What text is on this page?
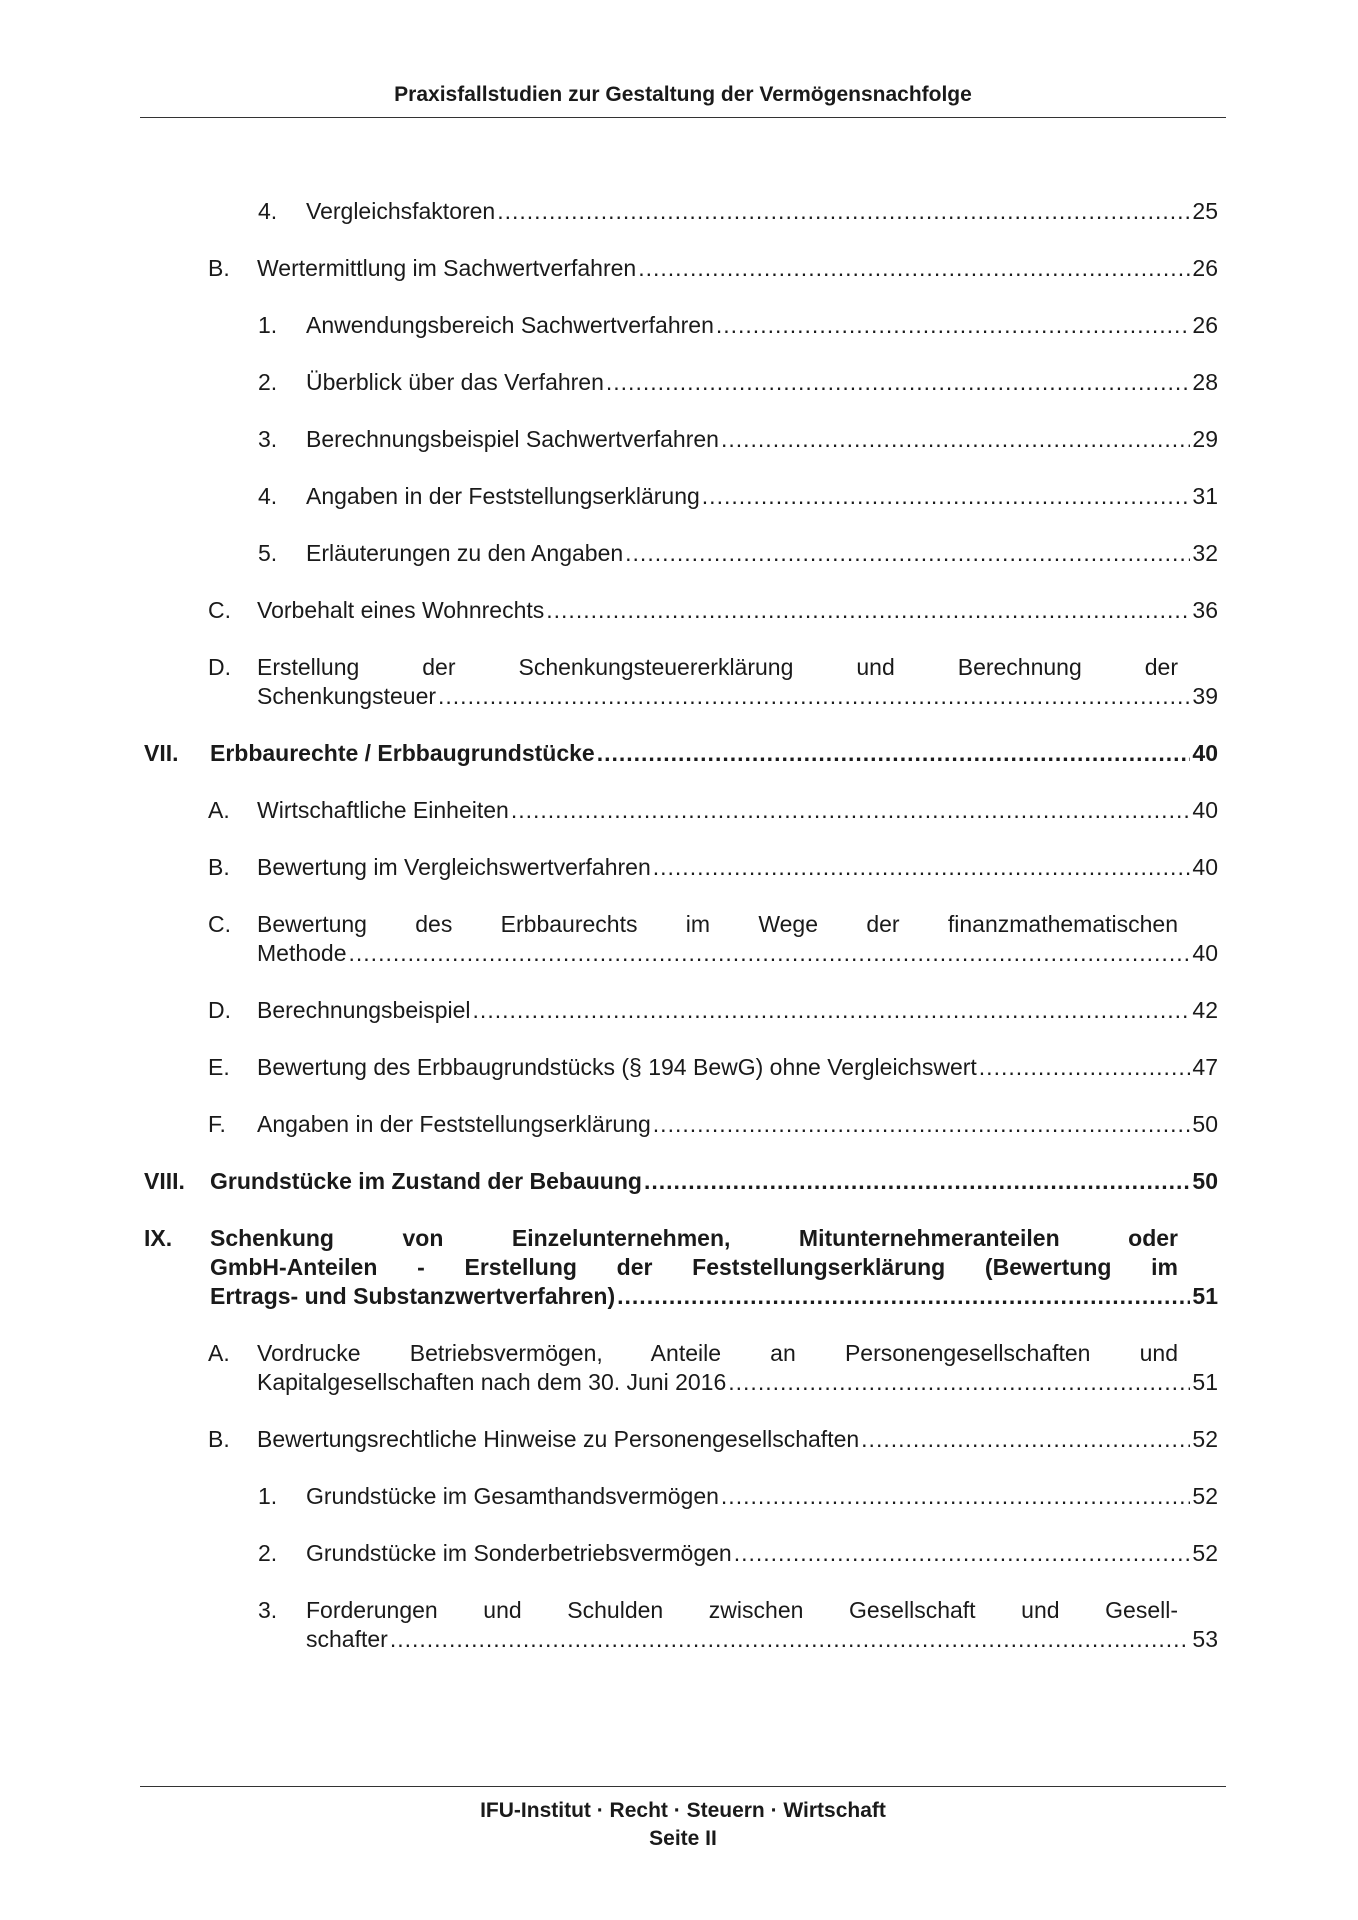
Praxisfallstudien zur Gestaltung der Vermögensnachfolge
4. Vergleichsfaktoren .....	25
B. Wertermittlung im Sachwertverfahren .....	26
1. Anwendungsbereich Sachwertverfahren .....	26
2. Überblick über das Verfahren .....	28
3. Berechnungsbeispiel Sachwertverfahren .....	29
4. Angaben in der Feststellungserklärung .....	31
5. Erläuterungen zu den Angaben .....	32
C. Vorbehalt eines Wohnrechts .....	36
D. Erstellung der Schenkungsteuererklärung und Berechnung der
Schenkungsteuer .....	39
VII. Erbbaurechte / Erbbaugrundstücke .....	40
A. Wirtschaftliche Einheiten .....	40
B. Bewertung im Vergleichswertverfahren .....	40
C. Bewertung des Erbbaurechts im Wege der finanzmathematischen
Methode .....	40
D. Berechnungsbeispiel .....	42
E. Bewertung des Erbbaugrundstücks (§ 194 BewG) ohne Vergleichswert .....	47
F. Angaben in der Feststellungserklärung .....	50
VIII. Grundstücke im Zustand der Bebauung .....	50
IX. Schenkung von Einzelunternehmen, Mitunternehmeranteilen oder
GmbH-Anteilen - Erstellung der Feststellungserklärung (Bewertung im
Ertrags- und Substanzwertverfahren) .....	51
A. Vordrucke Betriebsvermögen, Anteile an Personengesellschaften und
Kapitalgesellschaften nach dem 30. Juni 2016 .....	51
B. Bewertungsrechtliche Hinweise zu Personengesellschaften .....	52
1. Grundstücke im Gesamthandsvermögen .....	52
2. Grundstücke im Sonderbetriebsvermögen .....	52
3. Forderungen und Schulden zwischen Gesellschaft und Gesell-
schafter .....	53
IFU-Institut · Recht · Steuern · Wirtschaft
Seite II
